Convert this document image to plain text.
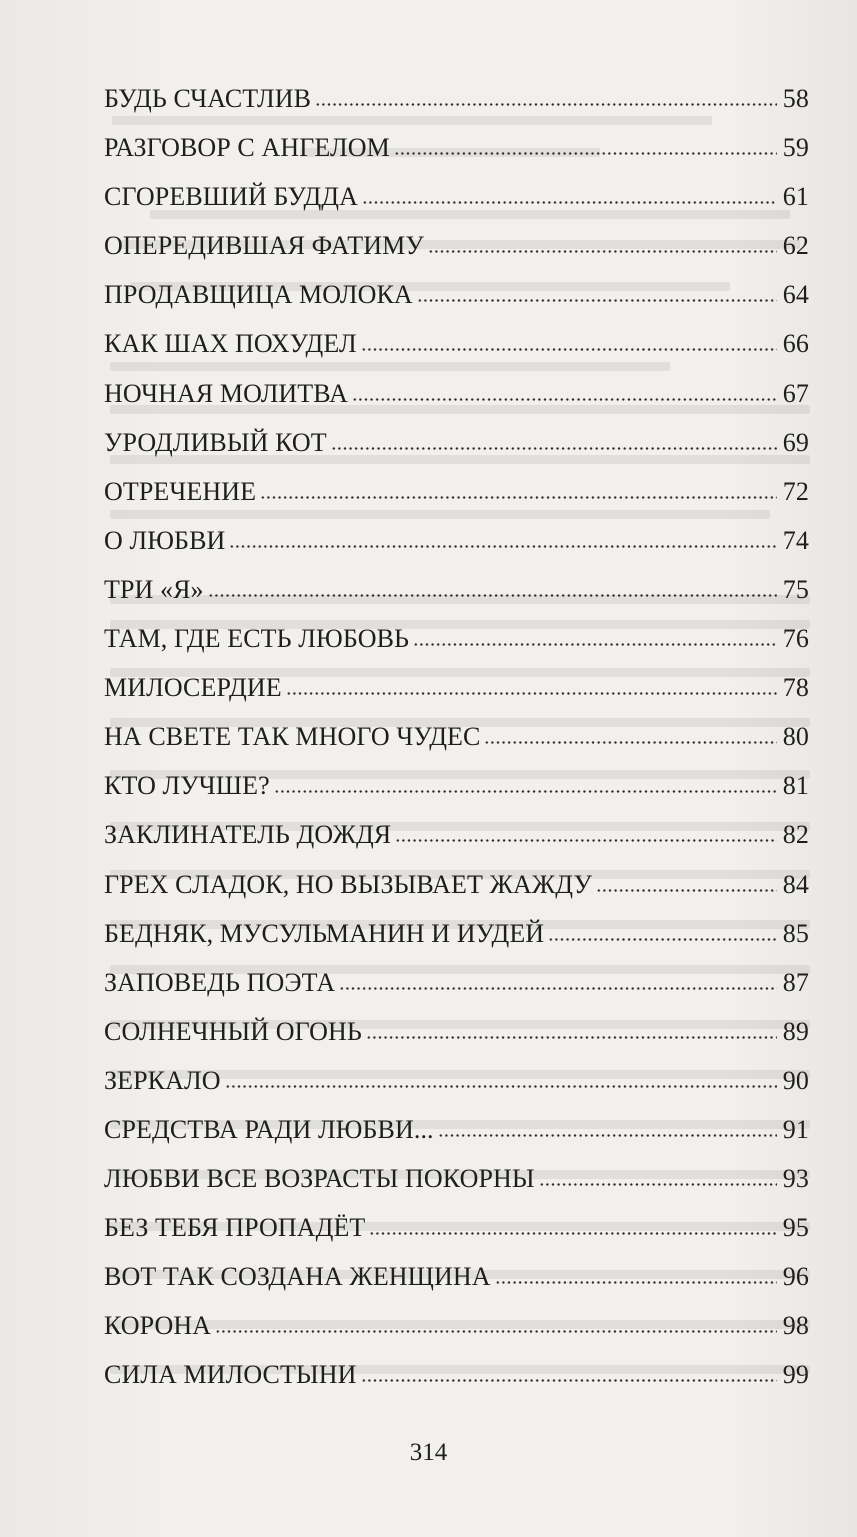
БУДЬ СЧАСТЛИВ	58
РАЗГОВОР С АНГЕЛОМ	59
СГОРЕВШИЙ БУДДА	61
ОПЕРЕДИВШАЯ ФАТИМУ	62
ПРОДАВЩИЦА МОЛОКА	64
КАК ШАХ ПОХУДЕЛ	66
НОЧНАЯ МОЛИТВА	67
УРОДЛИВЫЙ КОТ	69
ОТРЕЧЕНИЕ	72
О ЛЮБВИ	74
ТРИ «Я»	75
ТАМ, ГДЕ ЕСТЬ ЛЮБОВЬ	76
МИЛОСЕРДИЕ	78
НА СВЕТЕ ТАК МНОГО ЧУДЕС	80
КТО ЛУЧШЕ?	81
ЗАКЛИНАТЕЛЬ ДОЖДЯ	82
ГРЕХ СЛАДОК, НО ВЫЗЫВАЕТ ЖАЖДУ	84
БЕДНЯК, МУСУЛЬМАНИН И ИУДЕЙ	85
ЗАПОВЕДЬ ПОЭТА	87
СОЛНЕЧНЫЙ ОГОНЬ	89
ЗЕРКАЛО	90
СРЕДСТВА РАДИ ЛЮБВИ...	91
ЛЮБВИ ВСЕ ВОЗРАСТЫ ПОКОРНЫ	93
БЕЗ ТЕБЯ ПРОПАДЁТ	95
ВОТ ТАК СОЗДАНА ЖЕНЩИНА	96
КОРОНА	98
СИЛА МИЛОСТЫНИ	99
314
